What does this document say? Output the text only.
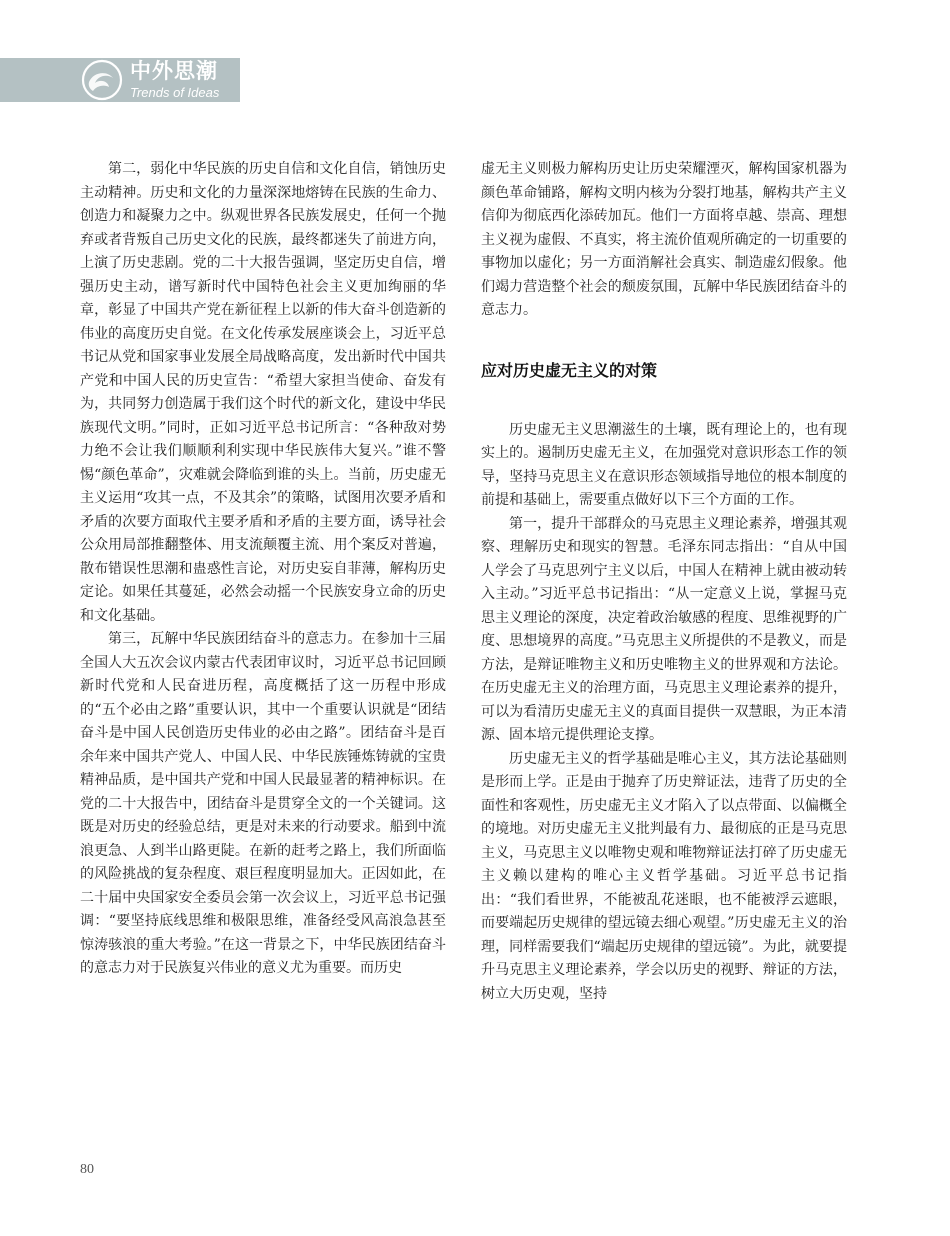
中外思潮
Trends of Ideas

第二，弱化中华民族的历史自信和文化自信，销蚀历史主动精神。历史和文化的力量深深地熔铸在民族的生命力、创造力和凝聚力之中。纵观世界各民族发展史，任何一个抛弃或者背叛自己历史文化的民族，最终都迷失了前进方向，上演了历史悲剧。党的二十大报告强调，坚定历史自信，增强历史主动，谱写新时代中国特色社会主义更加绚丽的华章，彰显了中国共产党在新征程上以新的伟大奋斗创造新的伟业的高度历史自觉。在文化传承发展座谈会上，习近平总书记从党和国家事业发展全局战略高度，发出新时代中国共产党和中国人民的历史宣告：“希望大家担当使命、奋发有为，共同努力创造属于我们这个时代的新文化，建设中华民族现代文明。”同时，正如习近平总书记所言：“各种敌对势力绝不会让我们顺顺利利实现中华民族伟大复兴。”谁不警惕“颜色革命”，灾难就会降临到谁的头上。当前，历史虚无主义运用“攻其一点，不及其余”的策略，试图用次要矛盾和矛盾的次要方面取代主要矛盾和矛盾的主要方面，诱导社会公众用局部推翻整体、用支流颠覆主流、用个案反对普遍，散布错误性思潮和蛊惑性言论，对历史妄自菲薄，解构历史定论。如果任其蔓延，必然会动摇一个民族安身立命的历史和文化基础。

第三，瓦解中华民族团结奋斗的意志力。在参加十三届全国人大五次会议内蒙古代表团审议时，习近平总书记回顾新时代党和人民奋进历程，高度概括了这一历程中形成的“五个必由之路”重要认识，其中一个重要认识就是“团结奋斗是中国人民创造历史伟业的必由之路”。团结奋斗是百余年来中国共产党人、中国人民、中华民族锤炼铸就的宝贵精神品质，是中国共产党和中国人民最显著的精神标识。在党的二十大报告中，团结奋斗是贯穿全文的一个关键词。这既是对历史的经验总结，更是对未来的行动要求。船到中流浪更急、人到半山路更陡。在新的赶考之路上，我们所面临的风险挑战的复杂程度、艰巨程度明显加大。正因如此，在二十届中央国家安全委员会第一次会议上，习近平总书记强调：“要坚持底线思维和极限思维，准备经受风高浪急甚至惊涛骇浪的重大考验。”在这一背景之下，中华民族团结奋斗的意志力对于民族复兴伟业的意义尤为重要。而历史

虚无主义则极力解构历史让历史荣耀湮灭，解构国家机器为颜色革命铺路，解构文明内核为分裂打地基，解构共产主义信仰为彻底西化添砖加瓦。他们一方面将卓越、崇高、理想主义视为虚假、不真实，将主流价值观所确定的一切重要的事物加以虚化；另一方面消解社会真实、制造虚幻假象。他们竭力营造整个社会的颓废氛围，瓦解中华民族团结奋斗的意志力。

应对历史虚无主义的对策

历史虚无主义思潮滋生的土壤，既有理论上的，也有现实上的。遏制历史虚无主义，在加强党对意识形态工作的领导，坚持马克思主义在意识形态领域指导地位的根本制度的前提和基础上，需要重点做好以下三个方面的工作。

第一，提升干部群众的马克思主义理论素养，增强其观察、理解历史和现实的智慧。毛泽东同志指出：“自从中国人学会了马克思列宁主义以后，中国人在精神上就由被动转入主动。”习近平总书记指出：“从一定意义上说，掌握马克思主义理论的深度，决定着政治敏感的程度、思维视野的广度、思想境界的高度。”马克思主义所提供的不是教义，而是方法，是辩证唯物主义和历史唯物主义的世界观和方法论。在历史虚无主义的治理方面，马克思主义理论素养的提升，可以为看清历史虚无主义的真面目提供一双慧眼，为正本清源、固本培元提供理论支撑。

历史虚无主义的哲学基础是唯心主义，其方法论基础则是形而上学。正是由于抛弃了历史辩证法，违背了历史的全面性和客观性，历史虚无主义才陷入了以点带面、以偏概全的境地。对历史虚无主义批判最有力、最彻底的正是马克思主义，马克思主义以唯物史观和唯物辩证法打碎了历史虚无主义赖以建构的唯心主义哲学基础。习近平总书记指出：“我们看世界，不能被乱花迷眼，也不能被浮云遮眼，而要端起历史规律的望远镜去细心观望。”历史虚无主义的治理，同样需要我们“端起历史规律的望远镜”。为此，就要提升马克思主义理论素养，学会以历史的视野、辩证的方法，树立大历史观，坚持

80
